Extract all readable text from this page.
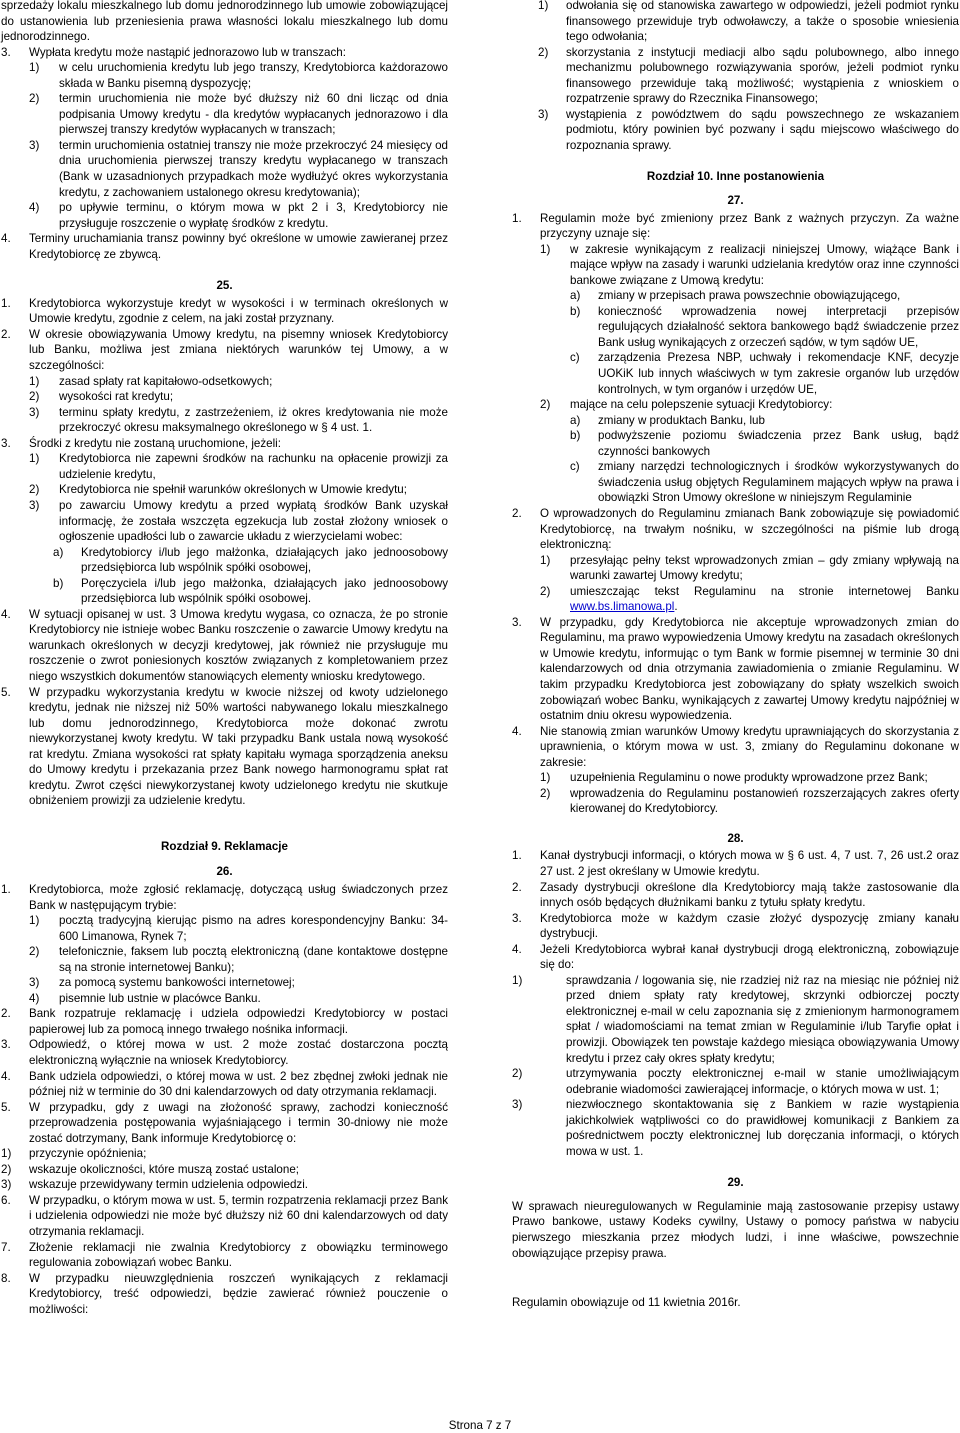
sprzedaży lokalu mieszkalnego lub domu jednorodzinnego lub umowie zobowiązującej do ustanowienia lub przeniesienia prawa własności lokalu mieszkalnego lub domu jednorodzinnego.

3.	Wypłata kredytu może nastąpić jednorazowo lub w transzach:
1)	w celu uruchomienia kredytu lub jego transzy, Kredytobiorca każdorazowo składa w Banku pisemną dyspozycję;
2)	termin uruchomienia nie może być dłuższy niż 60 dni licząc od dnia podpisania Umowy kredytu - dla kredytów wypłacanych jednorazowo i dla pierwszej transzy kredytów wypłacanych w transzach;
3)	termin uruchomienia ostatniej transzy nie może przekroczyć 24 miesięcy od dnia uruchomienia pierwszej transzy kredytu wypłacanego w transzach (Bank w uzasadnionych przypadkach może wydłużyć okres wykorzystania kredytu, z zachowaniem ustalonego okresu kredytowania);
4)	po upływie terminu, o którym mowa w pkt 2 i 3, Kredytobiorcy nie przysługuje roszczenie o wypłatę środków z kredytu.
4.	Terminy uruchamiania transz powinny być określone w umowie zawieranej przez Kredytobiorcę ze zbywcą.

25.

1.	Kredytobiorca wykorzystuje kredyt w wysokości i w terminach określonych w Umowie kredytu, zgodnie z celem, na jaki został przyznany.
2.	W okresie obowiązywania Umowy kredytu, na pisemny wniosek Kredytobiorcy lub Banku, możliwa jest zmiana niektórych warunków tej Umowy, a w szczególności:
1)	zasad spłaty rat kapitałowo-odsetkowych;
2)	wysokości rat kredytu;
3)	terminu spłaty kredytu, z zastrzeżeniem, iż okres kredytowania nie może przekroczyć okresu maksymalnego określonego w § 4 ust. 1.
3.	Środki z kredytu nie zostaną uruchomione, jeżeli:
1)	Kredytobiorca nie zapewni środków na rachunku na opłacenie prowizji za udzielenie kredytu,
2)	Kredytobiorca nie spełnił warunków określonych w Umowie kredytu;
3)	po zawarciu Umowy kredytu a przed wypłatą środków Bank uzyskał informację, że została wszczęta egzekucja lub został złożony wniosek o ogłoszenie upadłości lub o zawarcie układu z wierzycielami wobec:
a)	Kredytobiorcy i/lub jego małżonka, działających jako jednoosobowy przedsiębiorca lub wspólnik spółki osobowej,
b)	Poręczyciela i/lub jego małżonka, działających jako jednoosobowy przedsiębiorca lub wspólnik spółki osobowej.
4.	W sytuacji opisanej w ust. 3 Umowa kredytu wygasa, co oznacza, że po stronie Kredytobiorcy nie istnieje wobec Banku roszczenie o zawarcie Umowy kredytu na warunkach określonych w decyzji kredytowej, jak również nie przysługuje mu roszczenie o zwrot poniesionych kosztów związanych z kompletowaniem przez niego wszystkich dokumentów stanowiących elementy wniosku kredytowego.
5.	W przypadku wykorzystania kredytu w kwocie niższej od kwoty udzielonego kredytu, jednak nie niższej niż 50% wartości nabywanego lokalu mieszkalnego lub domu jednorodzinnego, Kredytobiorca może dokonać zwrotu niewykorzystanej kwoty kredytu. W taki przypadku Bank ustala nową wysokość rat kredytu. Zmiana wysokości rat spłaty kapitału wymaga sporządzenia aneksu do Umowy kredytu i przekazania przez Bank nowego harmonogramu spłat rat kredytu. Zwrot części niewykorzystanej kwoty udzielonego kredytu nie skutkuje obniżeniem prowizji za udzielenie kredytu.

Rozdział 9. Reklamacje

26.

1.	Kredytobiorca, może zgłosić reklamację, dotyczącą usług świadczonych przez Bank w następującym trybie:
1)	pocztą tradycyjną kierując pismo na adres korespondencyjny Banku: 34-600 Limanowa, Rynek 7;
2)	telefonicznie, faksem lub pocztą elektroniczną (dane kontaktowe dostępne są na stronie internetowej Banku);
3)	za pomocą systemu bankowości internetowej;
4)	pisemnie lub ustnie w placówce Banku.
2.	Bank rozpatruje reklamację i udziela odpowiedzi Kredytobiorcy w postaci papierowej lub za pomocą innego trwałego nośnika informacji.
3.	Odpowiedź, o której mowa w ust. 2 może zostać dostarczona pocztą elektroniczną wyłącznie na wniosek Kredytobiorcy.
4.	Bank udziela odpowiedzi, o której mowa w ust. 2 bez zbędnej zwłoki jednak nie później niż w terminie do 30 dni kalendarzowych od daty otrzymania reklamacji.
5.	W przypadku, gdy z uwagi na złożoność sprawy, zachodzi konieczność przeprowadzenia postępowania wyjaśniającego i termin 30-dniowy nie może zostać dotrzymany, Bank informuje Kredytobiorcę o:
1)	przyczynie opóźnienia;
2)	wskazuje okoliczności, które muszą zostać ustalone;
3)	wskazuje przewidywany termin udzielenia odpowiedzi.
6.	W przypadku, o którym mowa w ust. 5, termin rozpatrzenia reklamacji przez Bank i udzielenia odpowiedzi nie może być dłuższy niż 60 dni kalendarzowych od daty otrzymania reklamacji.
7.	Złożenie reklamacji nie zwalnia Kredytobiorcy z obowiązku terminowego regulowania zobowiązań wobec Banku.
8.	W przypadku nieuwzględnienia roszczeń wynikających z reklamacji Kredytobiorcy, treść odpowiedzi, będzie zawierać również pouczenie o możliwości:
1)	odwołania się od stanowiska zawartego w odpowiedzi, jeżeli podmiot rynku finansowego przewiduje tryb odwoławczy, a także o sposobie wniesienia tego odwołania;
2)	skorzystania z instytucji mediacji albo sądu polubownego, albo innego mechanizmu polubownego rozwiązywania sporów, jeżeli podmiot rynku finansowego przewiduje taką możliwość; wystąpienia z wnioskiem o rozpatrzenie sprawy do Rzecznika Finansowego;
3)	wystąpienia z powództwem do sądu powszechnego ze wskazaniem podmiotu, który powinien być pozwany i sądu miejscowo właściwego do rozpoznania sprawy.

Rozdział 10. Inne postanowienia

27.

1.	Regulamin może być zmieniony przez Bank z ważnych przyczyn. Za ważne przyczyny uznaje się:
1)	w zakresie wynikającym z realizacji niniejszej Umowy, wiążące Bank i mające wpływ na zasady i warunki udzielania kredytów oraz inne czynności bankowe związane z Umową kredytu:
a)	zmiany w przepisach prawa powszechnie obowiązującego,
b)	konieczność wprowadzenia nowej interpretacji przepisów regulujących działalność sektora bankowego bądź świadczenie przez Bank usług wynikających z orzeczeń sądów, w tym sądów UE,
c)	zarządzenia Prezesa NBP, uchwały i rekomendacje KNF, decyzje UOKiK lub innych właściwych w tym zakresie organów lub urzędów kontrolnych, w tym organów i urzędów UE,
2)	mające na celu polepszenie sytuacji Kredytobiorcy:
a)	zmiany w produktach Banku, lub
b)	podwyższenie poziomu świadczenia przez Bank usług, bądź czynności bankowych
c)	zmiany narzędzi technologicznych i środków wykorzystywanych do świadczenia usług objętych Regulaminem mających wpływ na prawa i obowiązki Stron Umowy określone w niniejszym Regulaminie
2.	O wprowadzonych do Regulaminu zmianach Bank zobowiązuje się powiadomić Kredytobiorcę, na trwałym nośniku, w szczególności na piśmie lub drogą elektroniczną:
1)	przesyłając pełny tekst wprowadzonych zmian – gdy zmiany wpływają na warunki zawartej Umowy kredytu;
2)	umieszczając tekst Regulaminu na stronie internetowej Banku www.bs.limanowa.pl.
3.	W przypadku, gdy Kredytobiorca nie akceptuje wprowadzonych zmian do Regulaminu, ma prawo wypowiedzenia Umowy kredytu na zasadach określonych w Umowie kredytu, informując o tym Bank w formie pisemnej w terminie 30 dni kalendarzowych od dnia otrzymania zawiadomienia o zmianie Regulaminu. W takim przypadku Kredytobiorca jest zobowiązany do spłaty wszelkich swoich zobowiązań wobec Banku, wynikających z zawartej Umowy kredytu najpóźniej w ostatnim dniu okresu wypowiedzenia.
4.	Nie stanowią zmian warunków Umowy kredytu uprawniających do skorzystania z uprawnienia, o którym mowa w ust. 3, zmiany do Regulaminu dokonane w zakresie:
1)	uzupełnienia Regulaminu o nowe produkty wprowadzone przez Bank;
2)	wprowadzenia do Regulaminu postanowień rozszerzających zakres oferty kierowanej do Kredytobiorcy.

28.

1.	Kanał dystrybucji informacji, o których mowa w § 6 ust. 4, 7 ust. 7, 26 ust.2 oraz 27 ust. 2 jest określany w Umowie kredytu.
2.	Zasady dystrybucji określone dla Kredytobiorcy mają także zastosowanie dla innych osób będących dłużnikami banku z tytułu spłaty kredytu.
3.	Kredytobiorca może w każdym czasie złożyć dyspozycję zmiany kanału dystrybucji.
4.	Jeżeli Kredytobiorca wybrał kanał dystrybucji drogą elektroniczną, zobowiązuje się do:
1)	sprawdzania / logowania się, nie rzadziej niż raz na miesiąc nie później niż przed dniem spłaty raty kredytowej, skrzynki odbiorczej poczty elektronicznej e-mail w celu zapoznania się z zmienionym harmonogramem spłat / wiadomościami na temat zmian w Regulaminie i/lub Taryfie opłat i prowizji. Obowiązek ten powstaje każdego miesiąca obowiązywania Umowy kredytu i przez cały okres spłaty kredytu;
2)	utrzymywania poczty elektronicznej e-mail w stanie umożliwiającym odebranie wiadomości zawierającej informacje, o których mowa w ust. 1;
3)	niezwłocznego skontaktowania się z Bankiem w razie wystąpienia jakichkolwiek wątpliwości co do prawidłowej komunikacji z Bankiem za pośrednictwem poczty elektronicznej lub doręczania informacji, o których mowa w ust. 1.

29.

W sprawach nieuregulowanych w Regulaminie mają zastosowanie przepisy ustawy Prawo bankowe, ustawy Kodeks cywilny, Ustawy o pomocy państwa w nabyciu pierwszego mieszkania przez młodych ludzi, i inne właściwe, powszechnie obowiązujące przepisy prawa.

Regulamin obowiązuje od 11 kwietnia 2016r.

Strona 7 z 7
